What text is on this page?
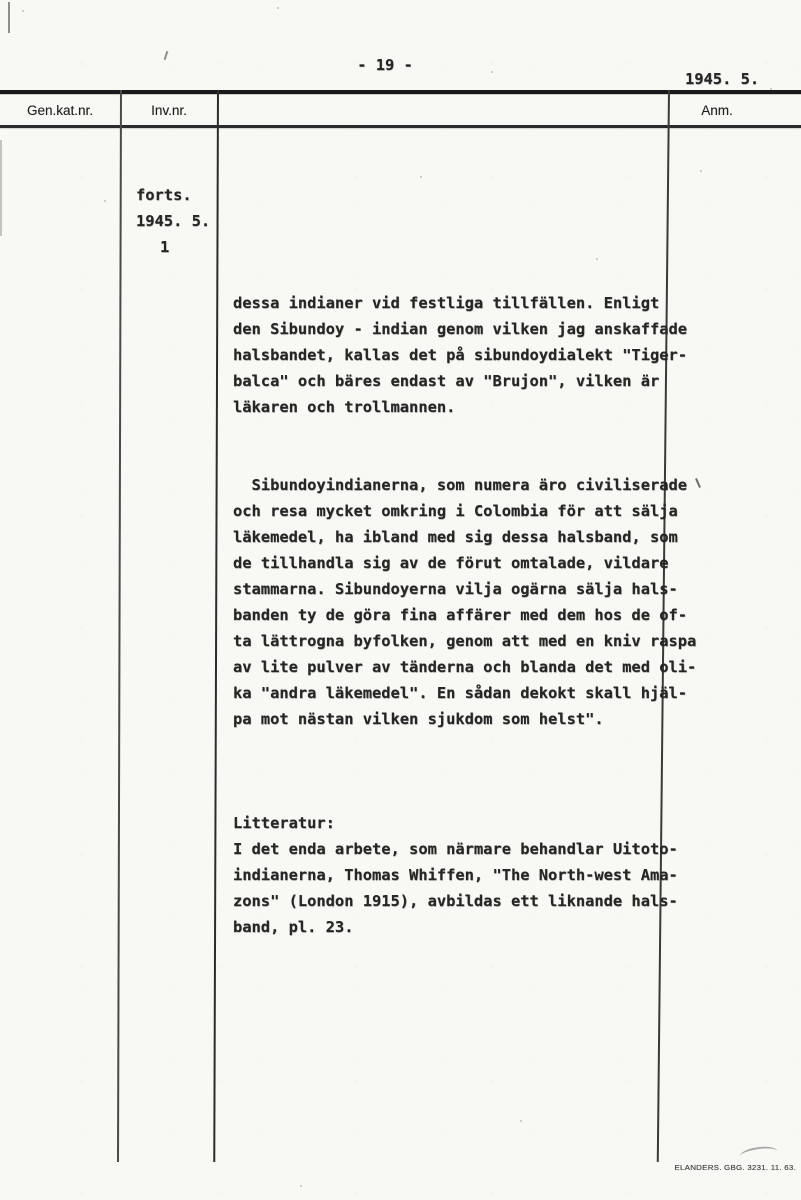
- 19 -
1945. 5.
Gen.kat.nr.	Inv.nr.	Anm.
forts.
1945. 5.
1

dessa indianer vid festliga tillfällen. Enligt
den Sibundoy - indian genom vilken jag anskaffade
halsbandet, kallas det på sibundoydialekt "Tiger-
balca" och bäres endast av "Brujon", vilken är
läkaren och trollmannen.

Sibundoyindianerna, som numera äro civiliserade
och resa mycket omkring i Colombia för att sälja
läkemedel, ha ibland med sig dessa halsband, som
de tillhandla sig av de förut omtalade, vildare
stammarna. Sibundoyerna vilja ogärna sälja hals-
banden ty de göra fina affärer med dem hos de of-
ta lättrogna byfolken, genom att med en kniv raspa
av lite pulver av tänderna och blanda det med oli-
ka "andra läkemedel". En sådan dekokt skall hjäl-
pa mot nästan vilken sjukdom som helst".

Litteratur:
I det enda arbete, som närmare behandlar Uitoto-
indianerna, Thomas Whiffen, "The North-west Ama-
zons" (London 1915), avbildas ett liknande hals-
band, pl. 23.

ELANDERS. GBG. 3231. 11. 63.
